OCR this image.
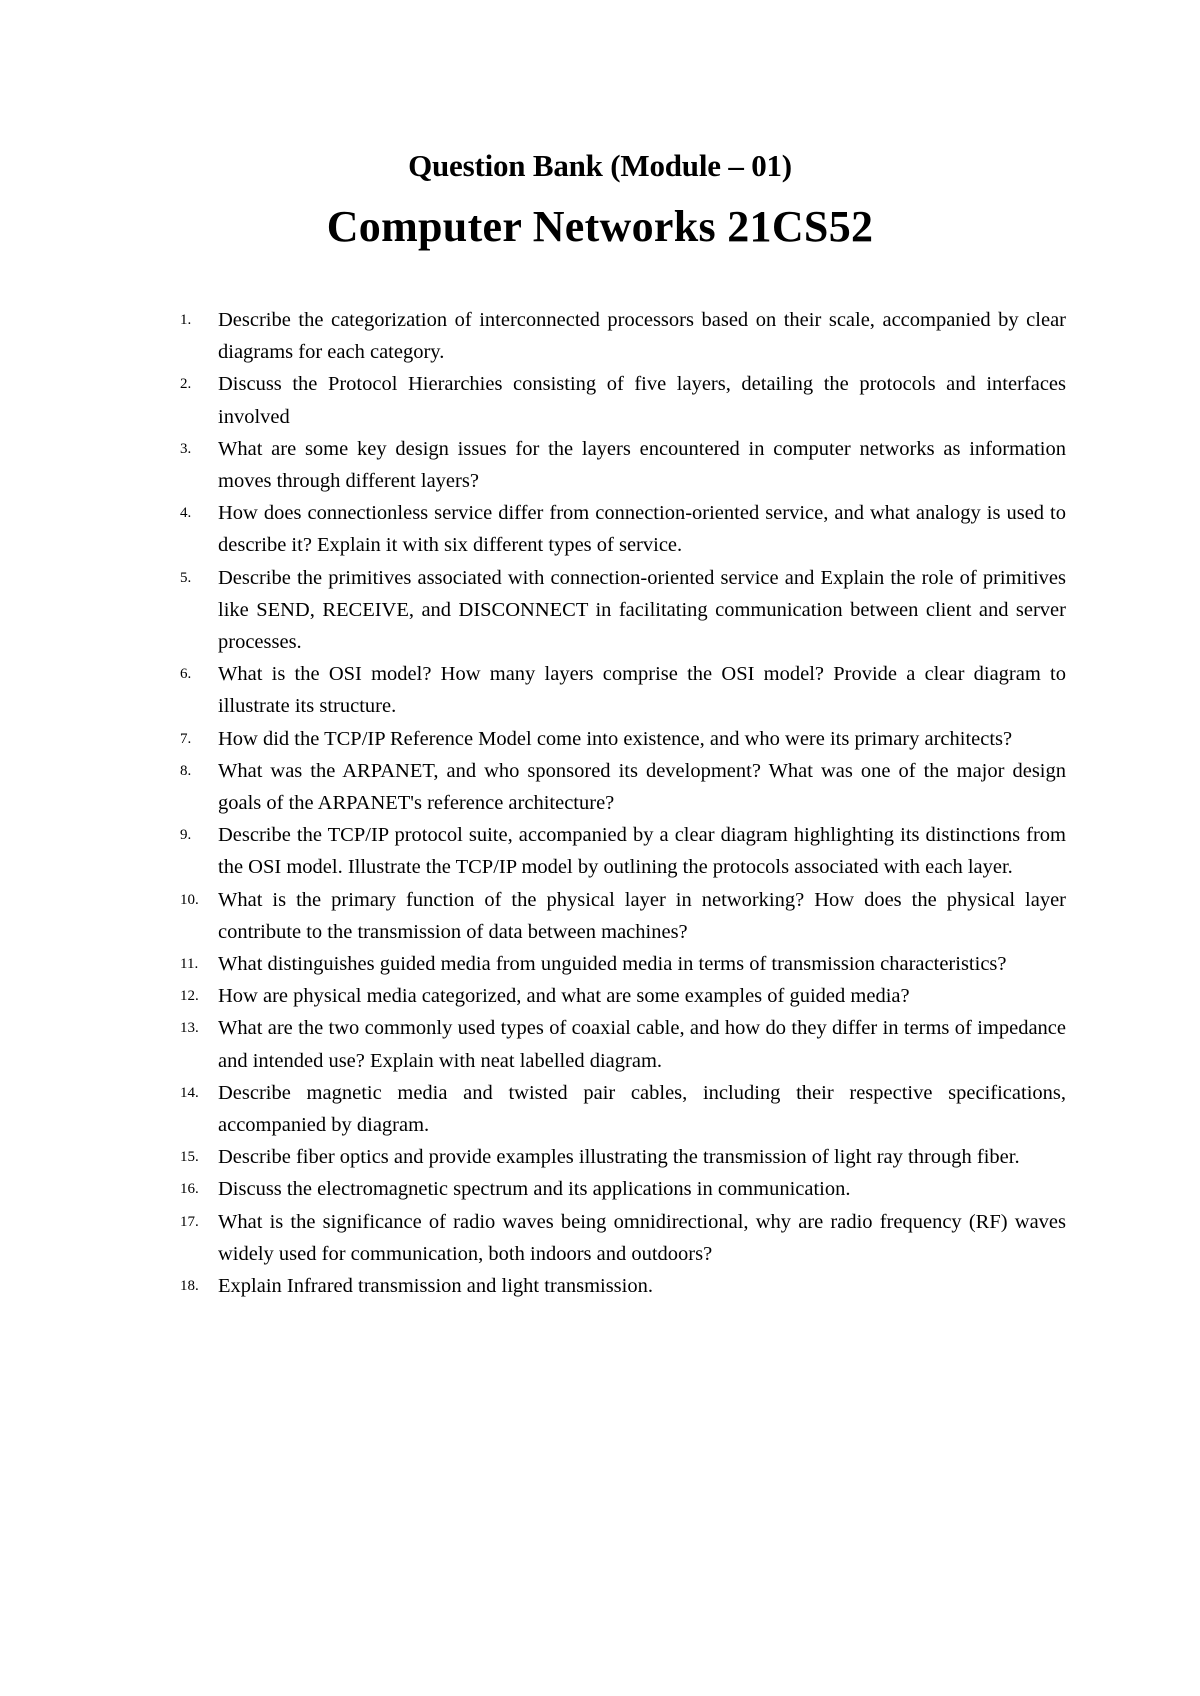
Question Bank (Module – 01)
Computer Networks 21CS52
1. Describe the categorization of interconnected processors based on their scale, accompanied by clear diagrams for each category.
2. Discuss the Protocol Hierarchies consisting of five layers, detailing the protocols and interfaces involved
3. What are some key design issues for the layers encountered in computer networks as information moves through different layers?
4. How does connectionless service differ from connection-oriented service, and what analogy is used to describe it? Explain it with six different types of service.
5. Describe the primitives associated with connection-oriented service and Explain the role of primitives like SEND, RECEIVE, and DISCONNECT in facilitating communication between client and server processes.
6. What is the OSI model? How many layers comprise the OSI model? Provide a clear diagram to illustrate its structure.
7. How did the TCP/IP Reference Model come into existence, and who were its primary architects?
8. What was the ARPANET, and who sponsored its development? What was one of the major design goals of the ARPANET's reference architecture?
9. Describe the TCP/IP protocol suite, accompanied by a clear diagram highlighting its distinctions from the OSI model. Illustrate the TCP/IP model by outlining the protocols associated with each layer.
10. What is the primary function of the physical layer in networking? How does the physical layer contribute to the transmission of data between machines?
11. What distinguishes guided media from unguided media in terms of transmission characteristics?
12. How are physical media categorized, and what are some examples of guided media?
13. What are the two commonly used types of coaxial cable, and how do they differ in terms of impedance and intended use? Explain with neat labelled diagram.
14. Describe magnetic media and twisted pair cables, including their respective specifications, accompanied by diagram.
15. Describe fiber optics and provide examples illustrating the transmission of light ray through fiber.
16. Discuss the electromagnetic spectrum and its applications in communication.
17. What is the significance of radio waves being omnidirectional, why are radio frequency (RF) waves widely used for communication, both indoors and outdoors?
18. Explain Infrared transmission and light transmission.
